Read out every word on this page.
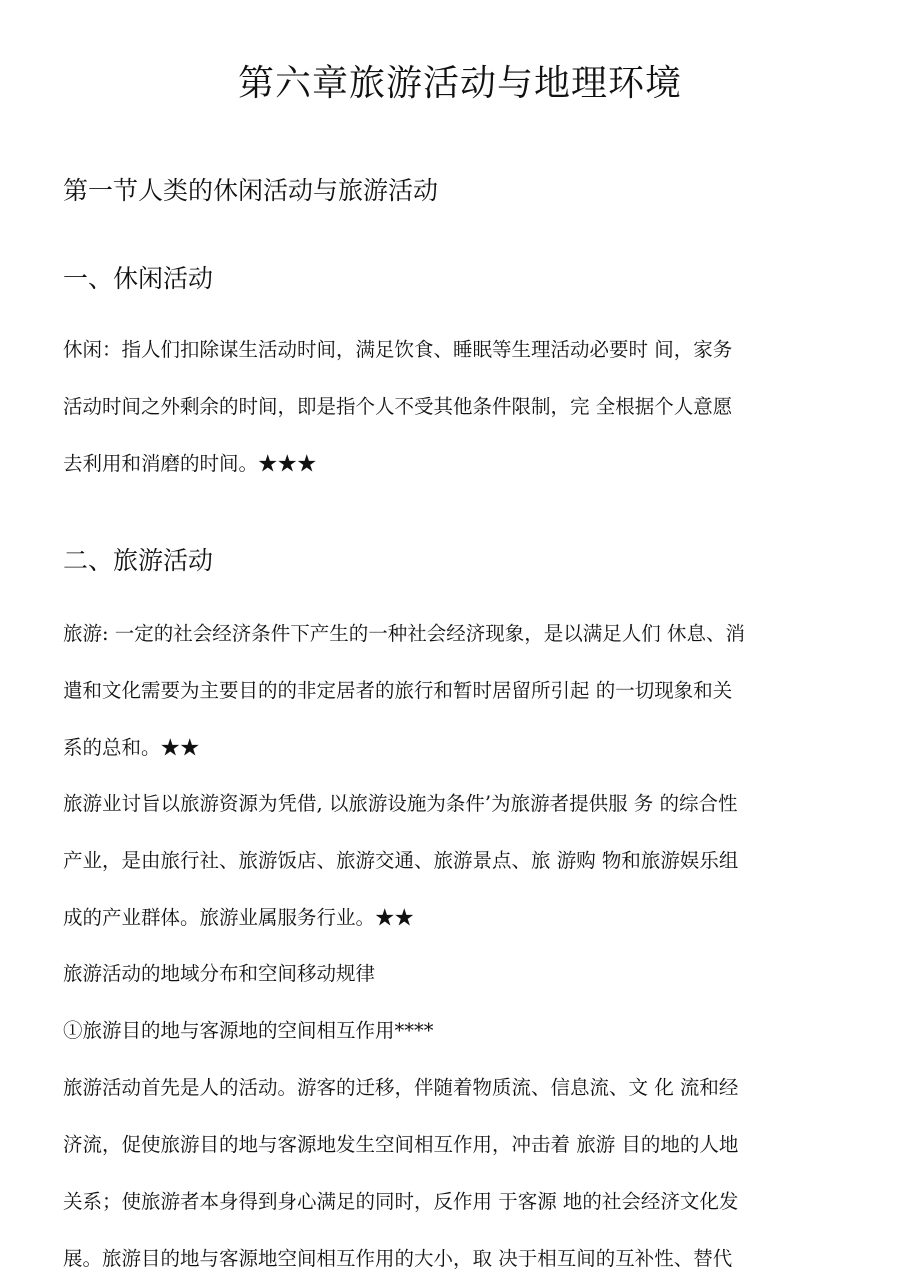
第六章旅游活动与地理环境
第一节人类的休闲活动与旅游活动
一、休闲活动
休闲：指人们扣除谋生活动时间，满足饮食、睡眠等生理活动必要时 间，家务
活动时间之外剩余的时间，即是指个人不受其他条件限制，完 全根据个人意愿
去利用和消磨的时间。★★★
二、旅游活动
旅游: 一定的社会经济条件下产生的一种社会经济现象，是以满足人们 休息、消
遣和文化需要为主要目的的非定居者的旅行和暂时居留所引起 的一切现象和关
系的总和。★★
旅游业讨旨以旅游资源为凭借, 以旅游设施为条件’为旅游者提供服 务 的综合性
产业，是由旅行社、旅游饭店、旅游交通、旅游景点、旅 游购 物和旅游娱乐组
成的产业群体。旅游业属服务行业。★★
旅游活动的地域分布和空间移动规律
①旅游目的地与客源地的空间相互作用****
旅游活动首先是人的活动。游客的迁移，伴随着物质流、信息流、文 化 流和经
济流，促使旅游目的地与客源地发生空间相互作用，冲击着 旅游 目的地的人地
关系；使旅游者本身得到身心满足的同时，反作用 于客源 地的社会经济文化发
展。旅游目的地与客源地空间相互作用的大小，取 决于相互间的互补性、替代
